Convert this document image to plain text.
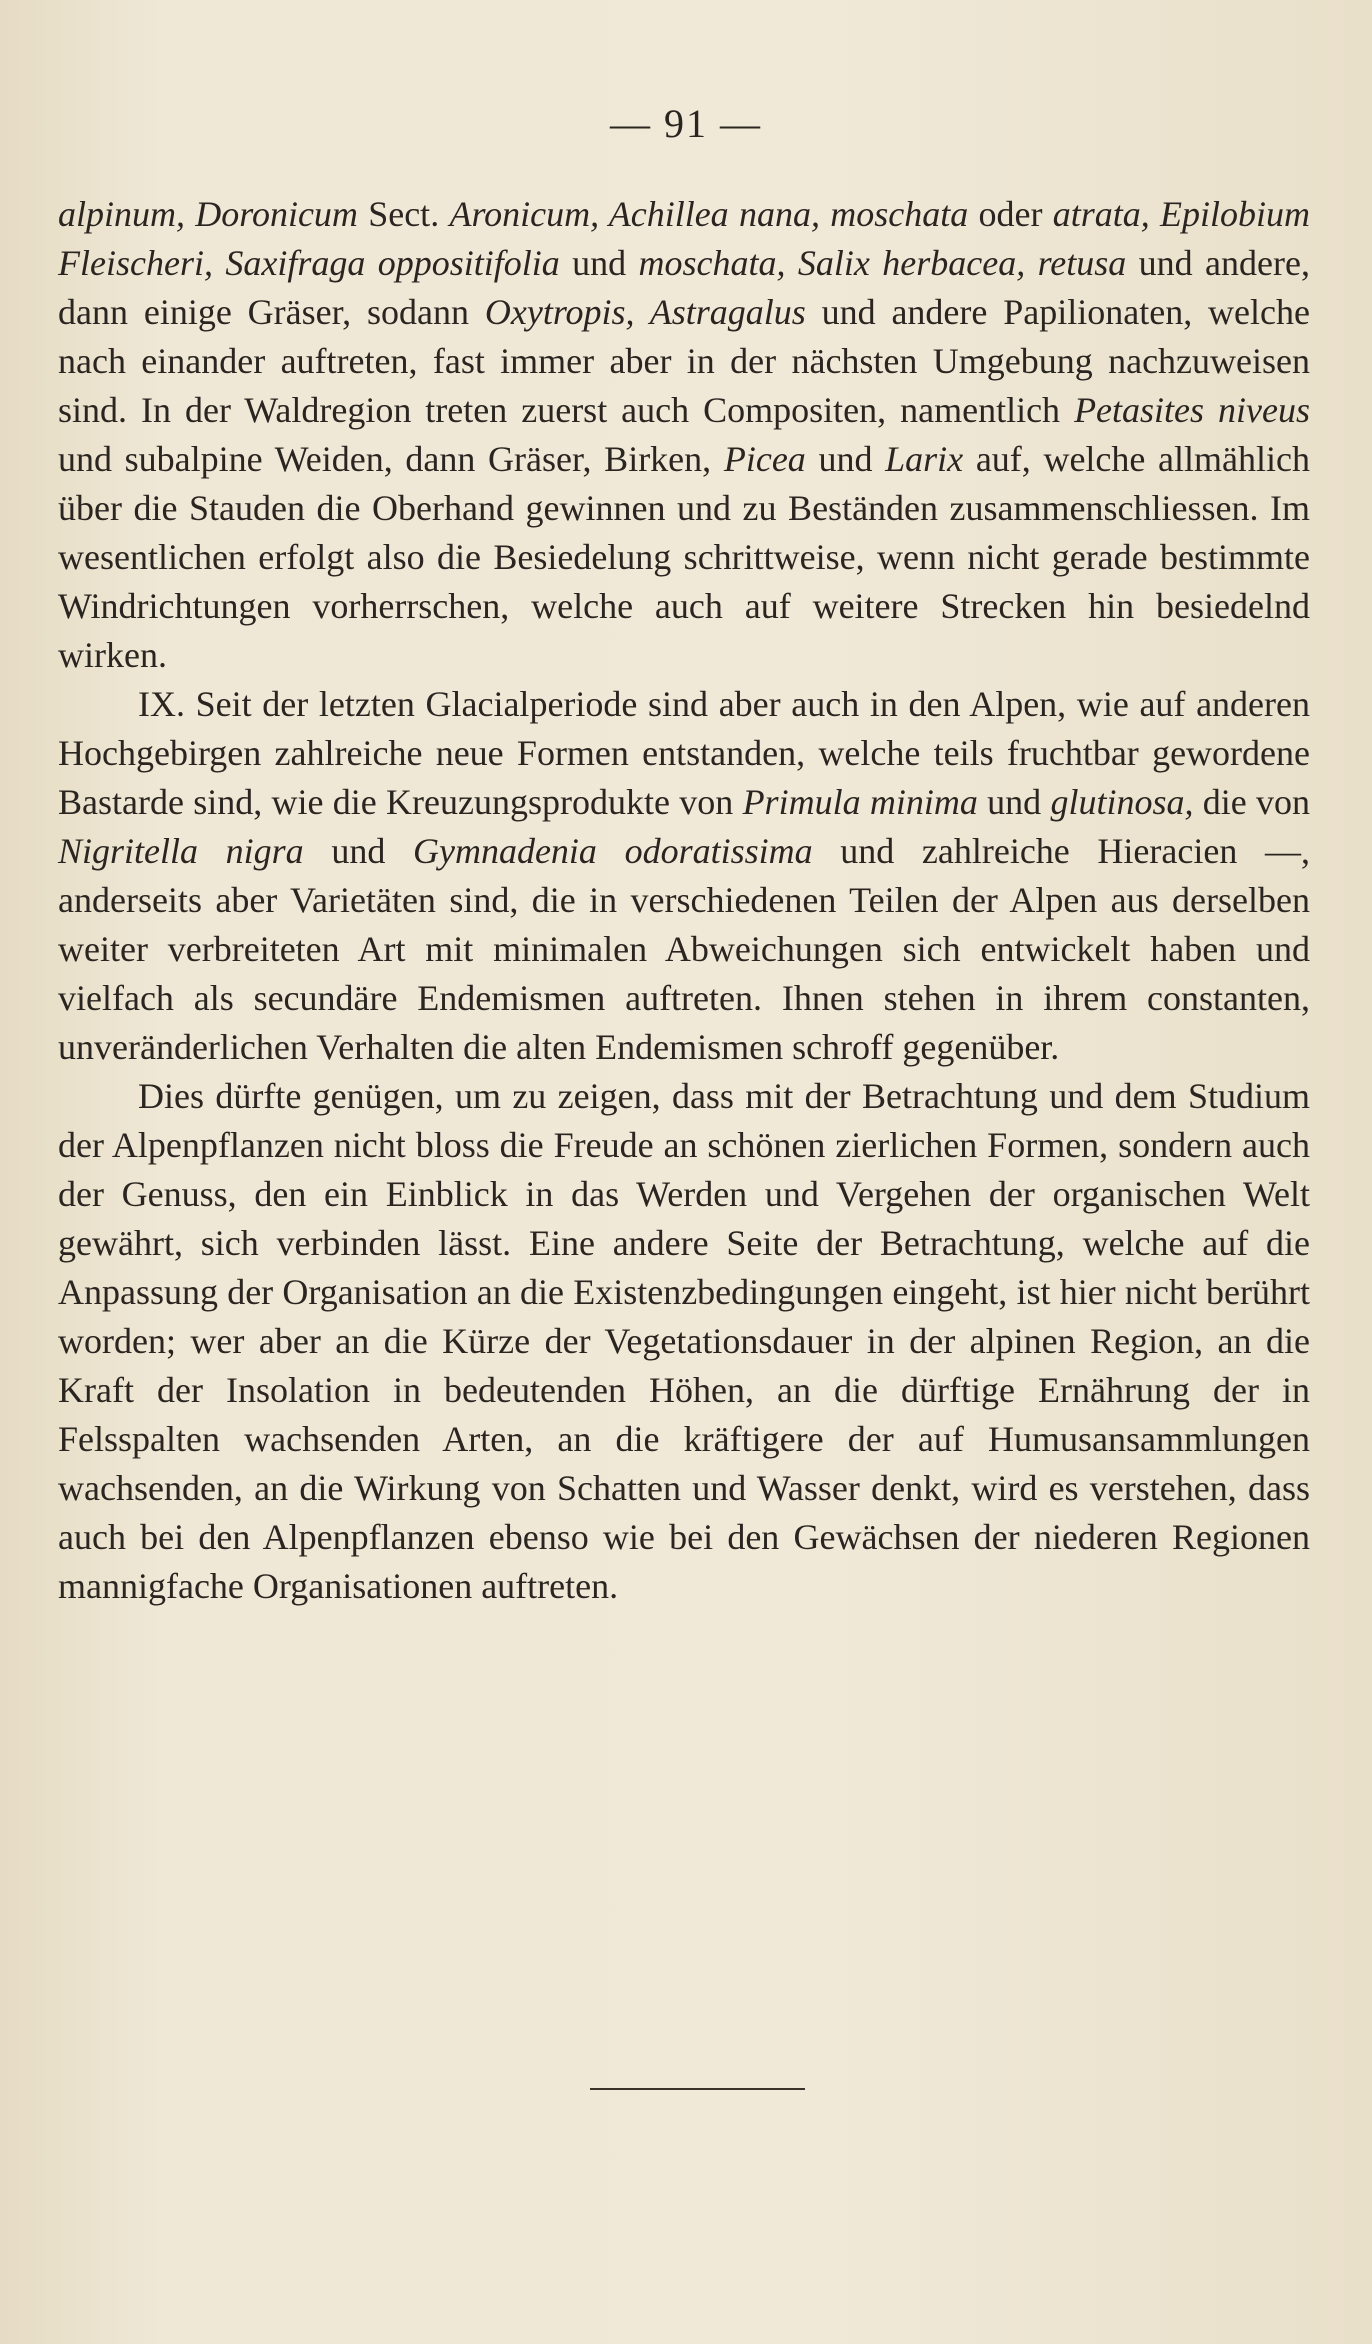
— 91 —

alpinum, Doronicum Sect. Aronicum, Achillea nana, moschata oder atrata, Epilobium Fleischeri, Saxifraga oppositifolia und moschata, Salix herbacea, retusa und andere, dann einige Gräser, sodann Oxytropis, Astragalus und andere Papilionaten, welche nach einander auftreten, fast immer aber in der nächsten Umgebung nachzuweisen sind. In der Waldregion treten zuerst auch Compositen, namentlich Petasites niveus und subalpine Weiden, dann Gräser, Birken, Picea und Larix auf, welche allmählich über die Stauden die Oberhand gewinnen und zu Beständen zusammenschliessen. Im wesentlichen erfolgt also die Besiedelung schrittweise, wenn nicht gerade bestimmte Windrichtungen vorherrschen, welche auch auf weitere Strecken hin besiedelnd wirken.

IX. Seit der letzten Glacialperiode sind aber auch in den Alpen, wie auf anderen Hochgebirgen zahlreiche neue Formen entstanden, welche teils fruchtbar gewordene Bastarde sind, wie die Kreuzungsprodukte von Primula minima und glutinosa, die von Nigritella nigra und Gymnadenia odoratissima und zahlreiche Hieracien —, anderseits aber Varietäten sind, die in verschiedenen Teilen der Alpen aus derselben weiter verbreiteten Art mit minimalen Abweichungen sich entwickelt haben und vielfach als secundäre Endemismen auftreten. Ihnen stehen in ihrem constanten, unveränderlichen Verhalten die alten Endemismen schroff gegenüber.

Dies dürfte genügen, um zu zeigen, dass mit der Betrachtung und dem Studium der Alpenpflanzen nicht bloss die Freude an schönen zierlichen Formen, sondern auch der Genuss, den ein Einblick in das Werden und Vergehen der organischen Welt gewährt, sich verbinden lässt. Eine andere Seite der Betrachtung, welche auf die Anpassung der Organisation an die Existenzbedingungen eingeht, ist hier nicht berührt worden; wer aber an die Kürze der Vegetationsdauer in der alpinen Region, an die Kraft der Insolation in bedeutenden Höhen, an die dürftige Ernährung der in Felsspalten wachsenden Arten, an die kräftigere der auf Humusansammlungen wachsenden, an die Wirkung von Schatten und Wasser denkt, wird es verstehen, dass auch bei den Alpenpflanzen ebenso wie bei den Gewächsen der niederen Regionen mannigfache Organisationen auftreten.
